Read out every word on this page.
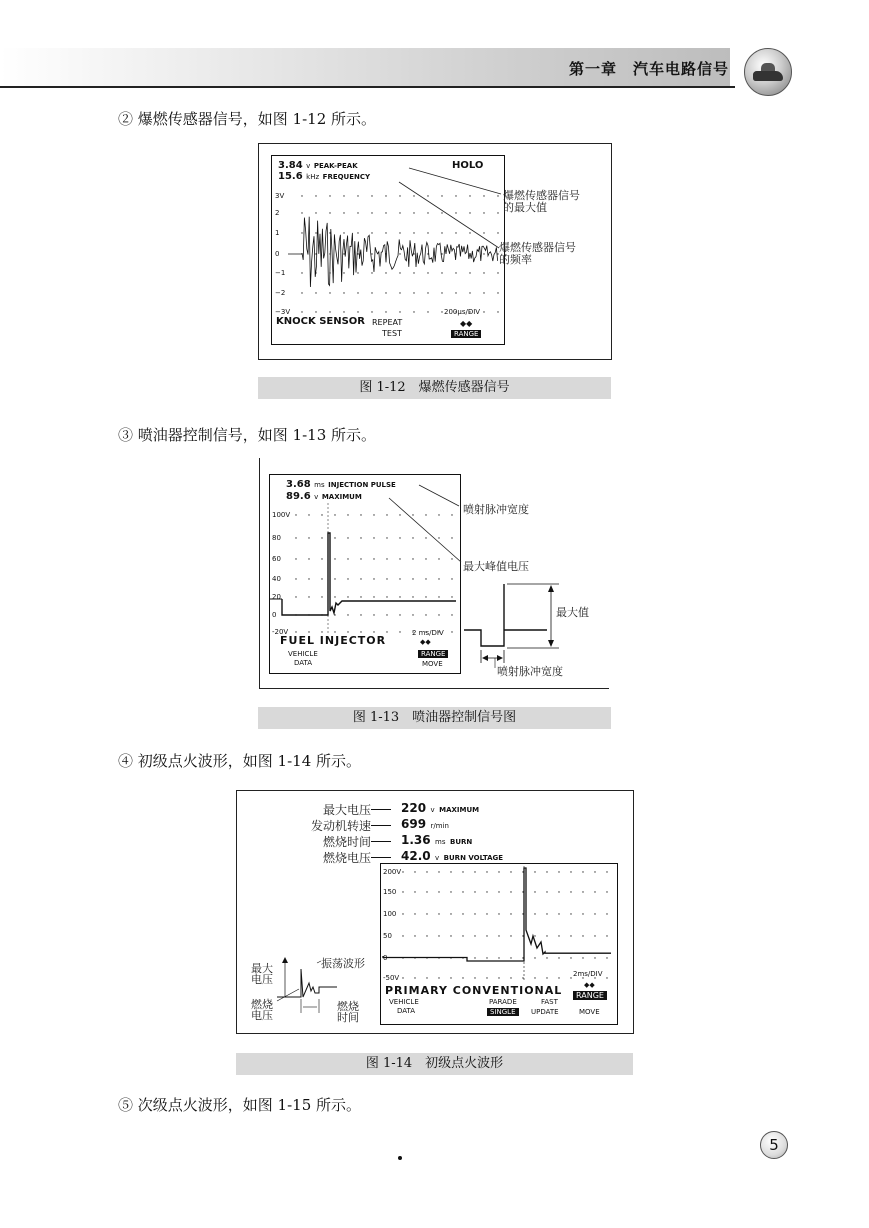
第一章　汽车电路信号
② 爆燃传感器信号，如图 1-12 所示。
3.84 v PEAK-PEAK
15.6 kHz FREQUENCY
HOLO
3V
2
1
0
−1
−2
−3V
KNOCK SENSOR REPEAT
TEST
200µs/DIV
◆◆
RANGE
爆燃传感器信号
的最大值
爆燃传感器信号
的频率
图 1-12　爆燃传感器信号
③ 喷油器控制信号，如图 1-13 所示。
3.68 ms INJECTION PULSE
89.6 v MAXIMUM
100V
80
60
40
20
0
-20V
FUEL INJECTOR
2 ms/DIV
◆◆
VEHICLE
DATA
RANGE
MOVE
喷射脉冲宽度
最大峰值电压
最大值
喷射脉冲宽度
图 1-13　喷油器控制信号图
④ 初级点火波形，如图 1-14 所示。
最大电压	220  v  MAXIMUM
发动机转速	699  r/min
燃烧时间	1.36  ms  BURN
燃烧电压	42.0  v  BURN VOLTAGE
200V
150
100
50
0
-50V	2ms/DIV
PRIMARY CONVENTIONAL	◆◆
VEHICLE
DATA
PARADE
SINGLE
FAST
UPDATE
RANGE
MOVE
最大
电压
振荡波形
燃烧
电压
燃烧
时间
图 1-14　初级点火波形
⑤ 次级点火波形，如图 1-15 所示。
5
